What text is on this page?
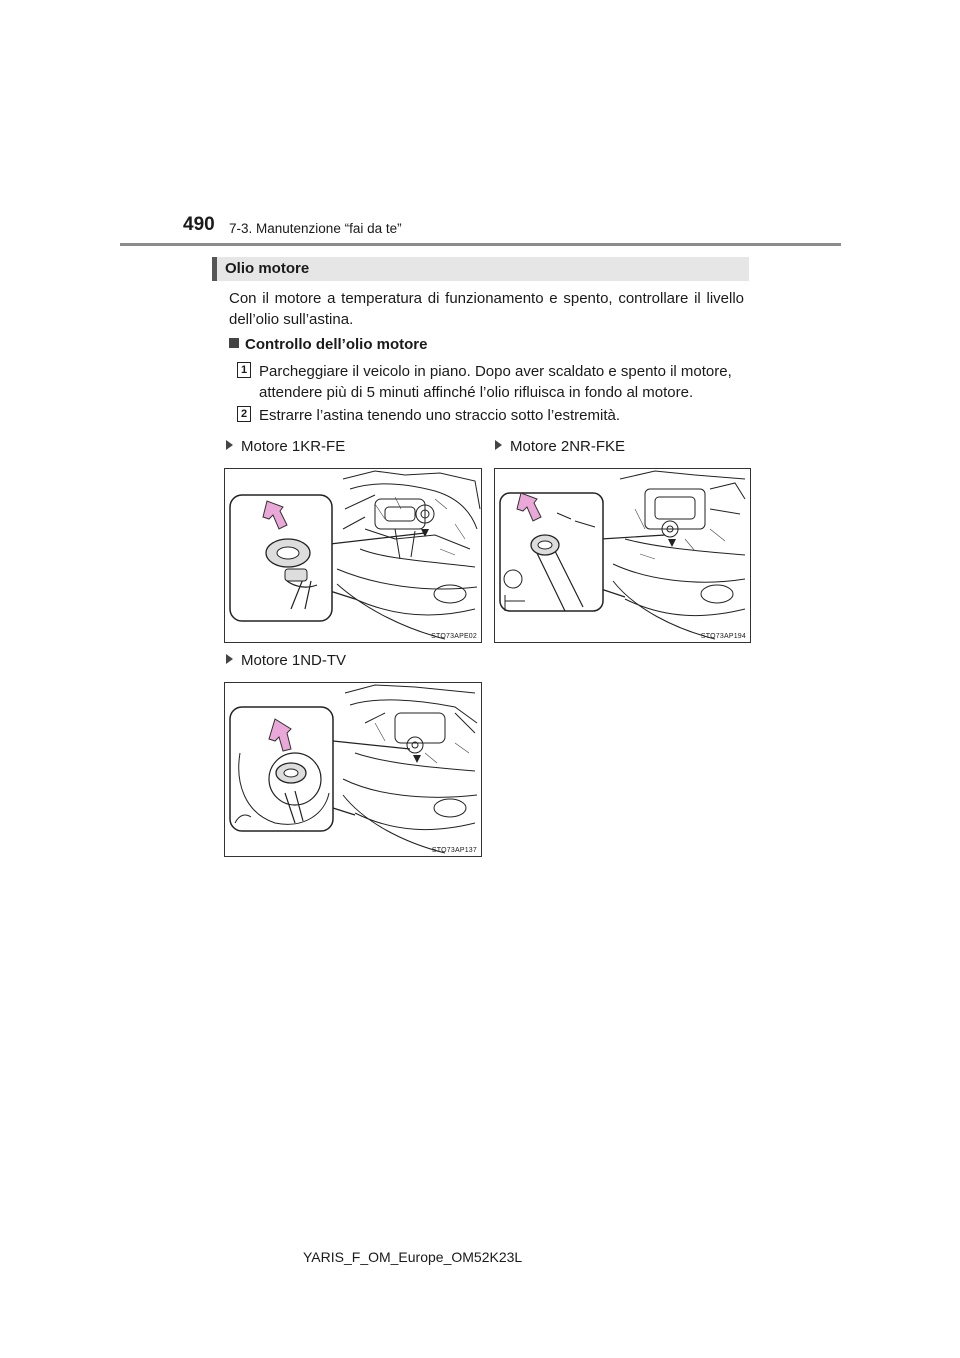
490 7-3. Manutenzione “fai da te”
Olio motore
Con il motore a temperatura di funzionamento e spento, controllare il livello dell’olio sull’astina.
Controllo dell’olio motore
1 Parcheggiare il veicolo in piano. Dopo aver scaldato e spento il motore, attendere più di 5 minuti affinché l’olio rifluisca in fondo al motore.
2 Estrarre l’astina tenendo uno straccio sotto l’estremità.
Motore 1KR-FE	Motore 2NR-FKE
STO73APE02	STO73AP194
Motore 1ND-TV
STO73AP137
YARIS_F_OM_Europe_OM52K23L
